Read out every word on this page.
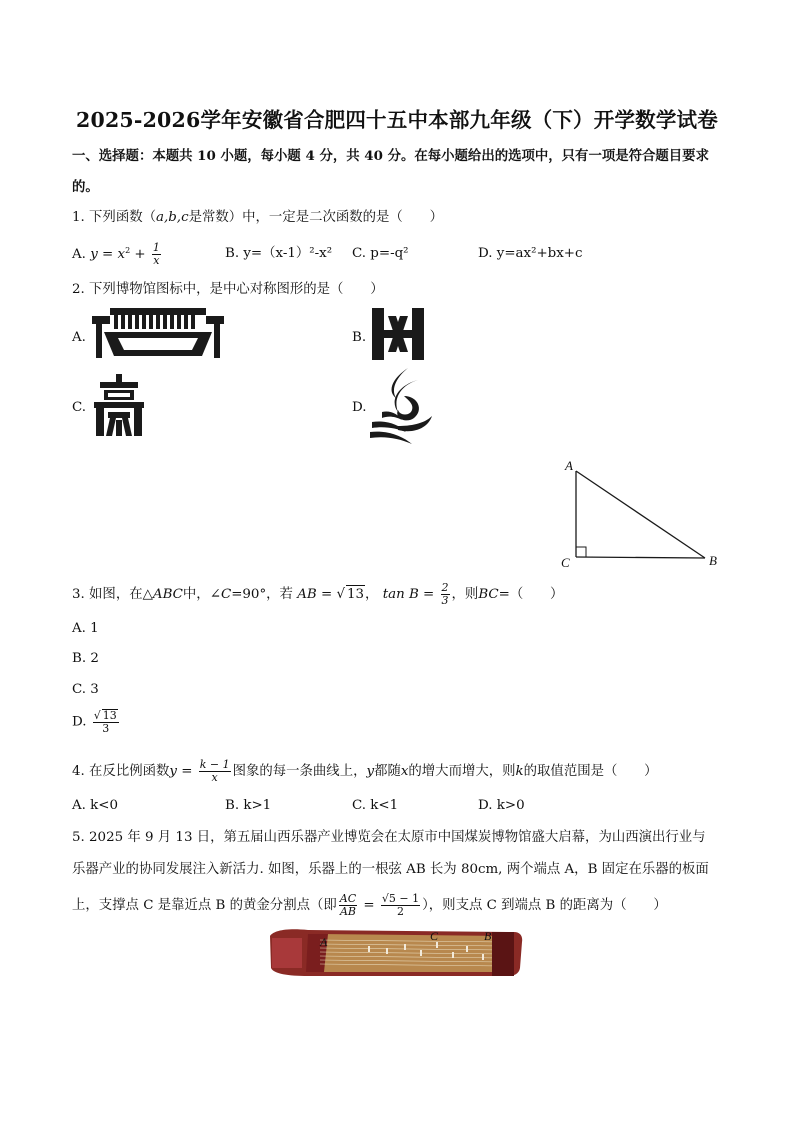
2025-2026学年安徽省合肥四十五中本部九年级（下）开学数学试卷
一、选择题：本题共 10 小题，每小题 4 分，共 40 分。在每小题给出的选项中，只有一项是符合题目要求
的。
1. 下列函数（a,b,c是常数）中，一定是二次函数的是（　　）
A. $y = x^2 + \frac{1}{x}$	B. y=（x-1）²-x² C. p=-q²	D. y=ax²+bx+c
2. 下列博物馆图标中，是中心对称图形的是（　　）
A.	B.
C.	D.
A
C	B
3. 如图，在△ABC中，∠C=90°，若 AB = √ 13， $\tan B = \frac{2}{3}$ ，则BC=（　　）
A. 1
B. 2
C. 3
D. $\frac{√ 13}{3}$
4. 在反比例函数$y = \frac{k - 1}{x}$ 图象的每一条曲线上，y都随x的增大而增大，则k的取值范围是（　　）
A. k<0	B. k>1	C. k<1	D. k>0
5. 2025 年 9 月 13 日，第五届山西乐器产业博览会在太原市中国煤炭博物馆盛大启幕，为山西演出行业与
乐器产业的协同发展注入新活力. 如图，乐器上的一根弦 AB 长为 80cm, 两个端点 A，B 固定在乐器的板面
上，支撑点 C 是靠近点 B 的黄金分割点（即 $\frac{AC}{AB} = \frac{√5 - 1}{2}$ ），则支点 C 到端点 B 的距离为（　　）
A	C	B
